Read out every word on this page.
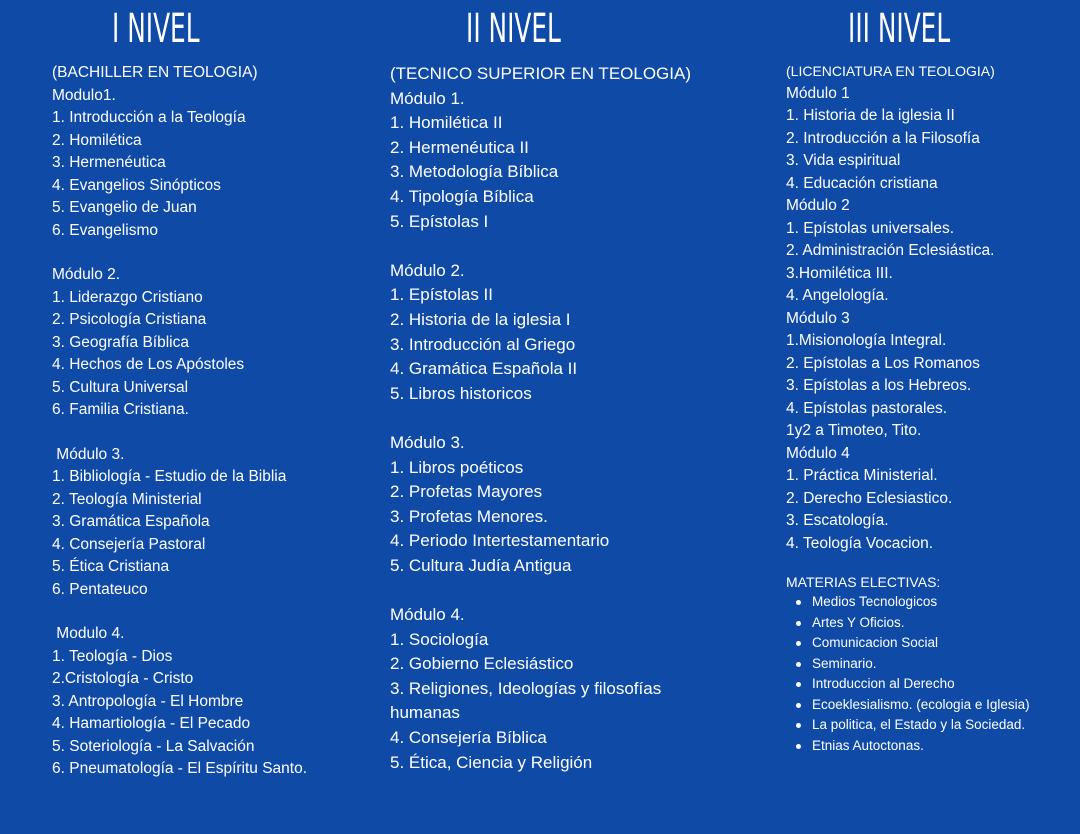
I NIVEL
(BACHILLER EN TEOLOGIA)
Modulo1.
1. Introducción a la Teología
2. Homilética
3. Hermenéutica
4. Evangelios Sinópticos
5. Evangelio de Juan
6. Evangelismo
Módulo 2.
1. Liderazgo Cristiano
2. Psicología Cristiana
3. Geografía Bíblica
4. Hechos de Los Apóstoles
5. Cultura Universal
6. Familia Cristiana.
Módulo 3.
1. Bibliología - Estudio de la Biblia
2. Teología Ministerial
3. Gramática Española
4. Consejería Pastoral
5. Ética Cristiana
6. Pentateuco
Modulo 4.
1. Teología - Dios
2.Cristología - Cristo
3. Antropología - El Hombre
4. Hamartiología - El Pecado
5. Soteriología - La Salvación
6. Pneumatología - El Espíritu Santo.
II NIVEL
(TECNICO SUPERIOR EN TEOLOGIA)
Módulo 1.
1. Homilética II
2. Hermenéutica II
3. Metodología Bíblica
4. Tipología Bíblica
5. Epístolas I
Módulo 2.
1. Epístolas II
2. Historia de la iglesia I
3. Introducción al Griego
4. Gramática Española II
5. Libros historicos
Módulo 3.
1. Libros poéticos
2. Profetas Mayores
3. Profetas Menores.
4. Periodo Intertestamentario
5. Cultura Judía Antigua
Módulo 4.
1. Sociología
2. Gobierno Eclesiástico
3. Religiones, Ideologías y filosofías
humanas
4. Consejería Bíblica
5. Ética, Ciencia y Religión
III NIVEL
(LICENCIATURA EN TEOLOGIA)
Módulo 1
1. Historia de la iglesia II
2. Introducción a la Filosofía
3. Vida espiritual
4. Educación cristiana
Módulo 2
1. Epístolas universales.
2. Administración Eclesiástica.
3.Homilética III.
4. Angelología.
Módulo 3
1.Misionología Integral.
2. Epístolas a Los Romanos
3. Epístolas a los Hebreos.
4. Epístolas pastorales.
1y2 a Timoteo, Tito.
Módulo 4
1. Práctica Ministerial.
2. Derecho Eclesiastico.
3. Escatología.
4. Teología Vocacion.
MATERIAS ELECTIVAS:
Medios Tecnologicos
Artes Y Oficios.
Comunicacion Social
Seminario.
Introduccion al Derecho
Ecoeklesialismo. (ecologia e Iglesia)
La politica, el Estado y la Sociedad.
Etnias Autoctonas.
